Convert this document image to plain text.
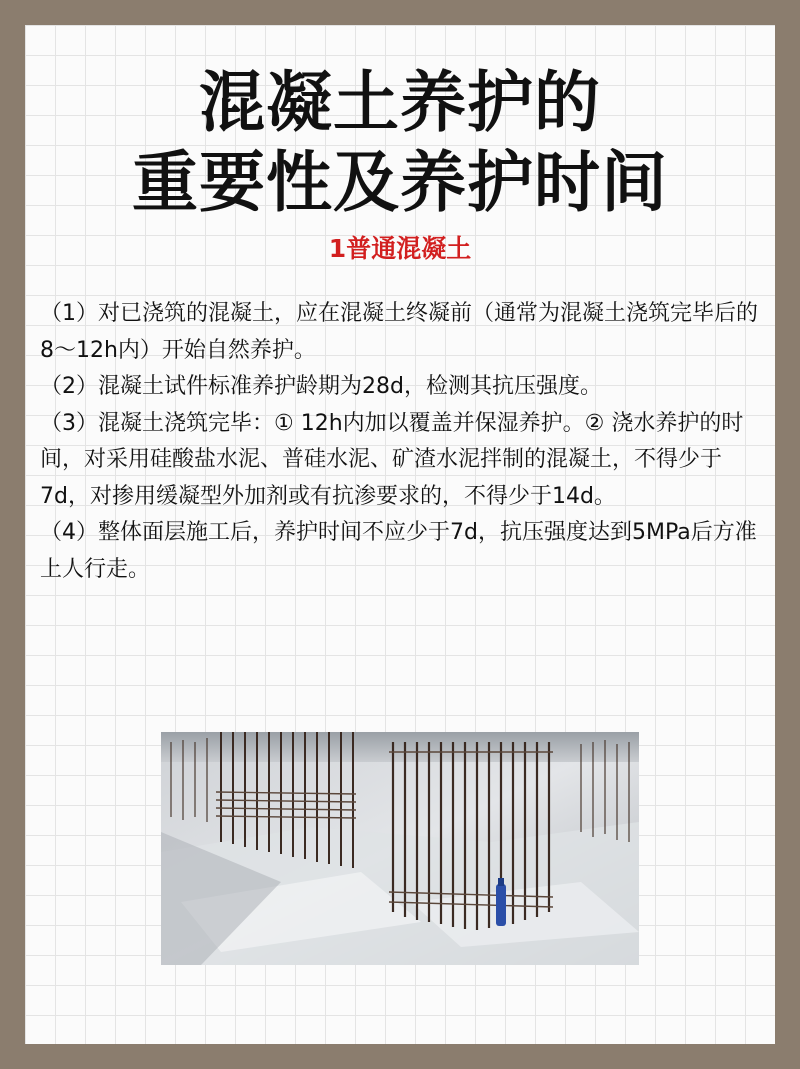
混凝土养护的
重要性及养护时间
1普通混凝土

（1）对已浇筑的混凝土，应在混凝土终凝前（通常为混凝土浇筑完毕后的8～12h内）开始自然养护。

（2）混凝土试件标准养护龄期为28d，检测其抗压强度。

（3）混凝土浇筑完毕：① 12h内加以覆盖并保湿养护。② 浇水养护的时间，对采用硅酸盐水泥、普硅水泥、矿渣水泥拌制的混凝土，不得少于7d，对掺用缓凝型外加剂或有抗渗要求的，不得少于14d。

（4）整体面层施工后，养护时间不应少于7d，抗压强度达到5MPa后方准上人行走。
